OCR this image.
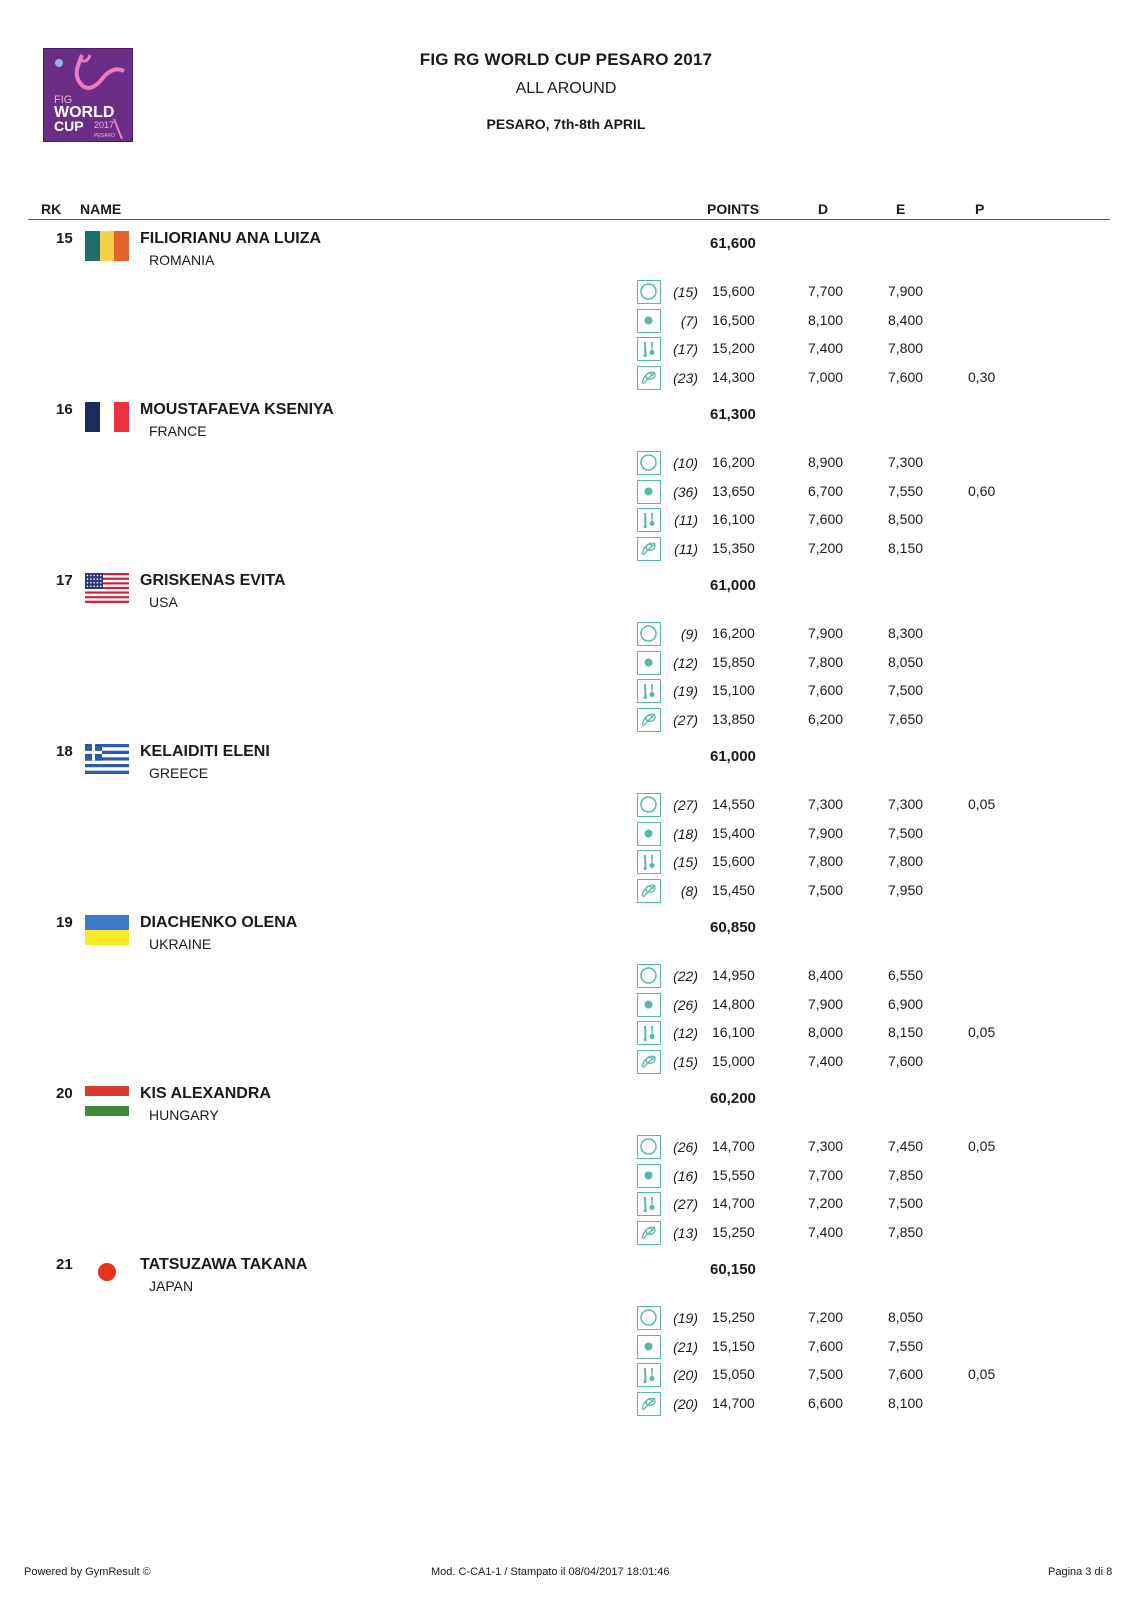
FIG
WORLD
CUP 2017
PESARO
FIG RG WORLD CUP PESARO 2017
ALL AROUND
PESARO, 7th-8th APRIL
RK NAME	POINTS	D	E	P
15	FILIORIANU ANA LUIZA
ROMANIA
61,600
(15) 15,600	7,700	7,900
(7) 16,500	8,100	8,400
(17) 15,200	7,400	7,800
(23) 14,300	7,000	7,600	0,30
16	MOUSTAFAEVA KSENIYA
FRANCE
61,300
(10) 16,200	8,900	7,300
(36) 13,650	6,700	7,550	0,60
(11) 16,100	7,600	8,500
(11) 15,350	7,200	8,150
17	GRISKENAS EVITA
USA
61,000
(9) 16,200	7,900	8,300
(12) 15,850	7,800	8,050
(19) 15,100	7,600	7,500
(27) 13,850	6,200	7,650
18	KELAIDITI ELENI
GREECE
61,000
(27) 14,550	7,300	7,300	0,05
(18) 15,400	7,900	7,500
(15) 15,600	7,800	7,800
(8) 15,450	7,500	7,950
19	DIACHENKO OLENA
UKRAINE
60,850
(22) 14,950	8,400	6,550
(26) 14,800	7,900	6,900
(12) 16,100	8,000	8,150	0,05
(15) 15,000	7,400	7,600
20	KIS ALEXANDRA
HUNGARY
60,200
(26) 14,700	7,300	7,450	0,05
(16) 15,550	7,700	7,850
(27) 14,700	7,200	7,500
(13) 15,250	7,400	7,850
21	TATSUZAWA TAKANA
JAPAN
60,150
(19) 15,250	7,200	8,050
(21) 15,150	7,600	7,550
(20) 15,050	7,500	7,600	0,05
(20) 14,700	6,600	8,100
Powered by GymResult ©	Mod. C-CA1-1 / Stampato il 08/04/2017 18:01:46	Pagina 3 di 8
